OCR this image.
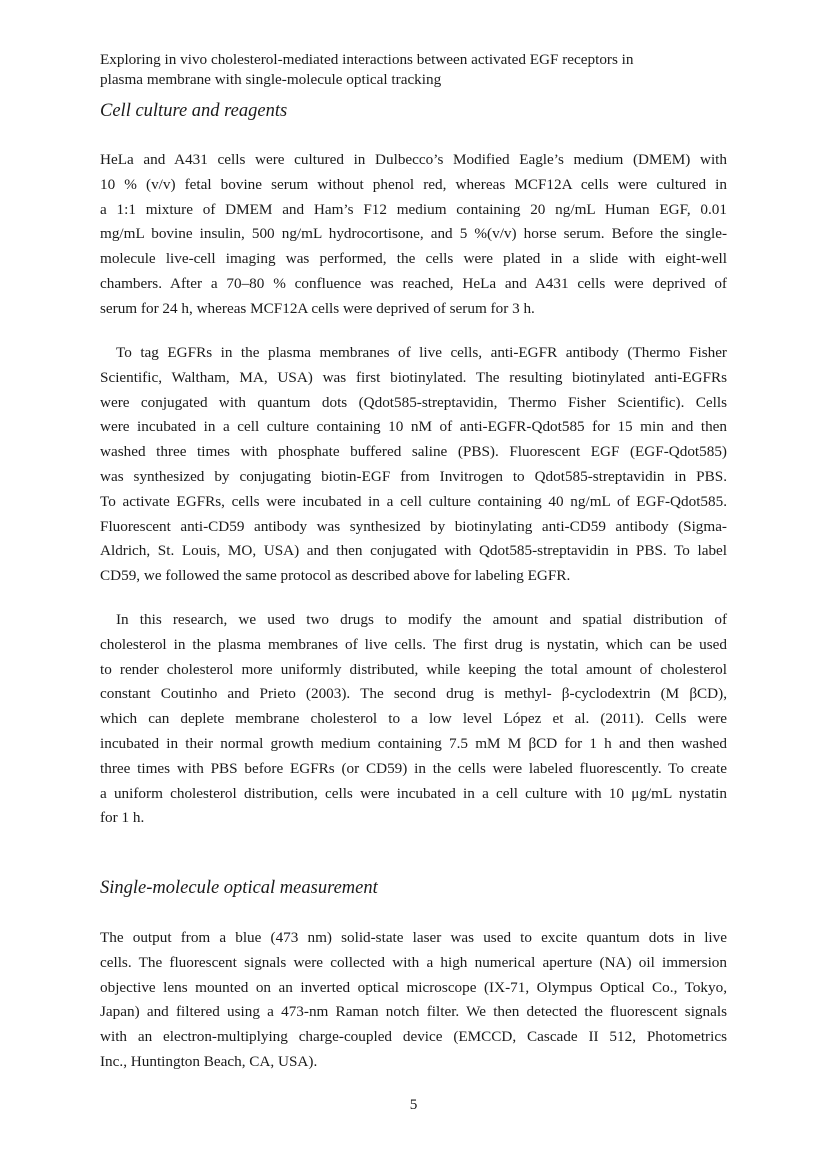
Exploring in vivo cholesterol-mediated interactions between activated EGF receptors in
plasma membrane with single-molecule optical tracking
Cell culture and reagents
HeLa and A431 cells were cultured in Dulbecco’s Modified Eagle’s medium (DMEM) with
10 % (v/v) fetal bovine serum without phenol red, whereas MCF12A cells were cultured in
a 1:1 mixture of DMEM and Ham’s F12 medium containing 20 ng/mL Human EGF, 0.01
mg/mL bovine insulin, 500 ng/mL hydrocortisone, and 5 %(v/v) horse serum. Before the single-
molecule live-cell imaging was performed, the cells were plated in a slide with eight-well
chambers. After a 70–80 % confluence was reached, HeLa and A431 cells were deprived of
serum for 24 h, whereas MCF12A cells were deprived of serum for 3 h.
To tag EGFRs in the plasma membranes of live cells, anti-EGFR antibody (Thermo Fisher
Scientific, Waltham, MA, USA) was first biotinylated. The resulting biotinylated anti-EGFRs
were conjugated with quantum dots (Qdot585-streptavidin, Thermo Fisher Scientific). Cells
were incubated in a cell culture containing 10 nM of anti-EGFR-Qdot585 for 15 min and then
washed three times with phosphate buffered saline (PBS). Fluorescent EGF (EGF-Qdot585)
was synthesized by conjugating biotin-EGF from Invitrogen to Qdot585-streptavidin in PBS.
To activate EGFRs, cells were incubated in a cell culture containing 40 ng/mL of EGF-Qdot585.
Fluorescent anti-CD59 antibody was synthesized by biotinylating anti-CD59 antibody (Sigma-
Aldrich, St. Louis, MO, USA) and then conjugated with Qdot585-streptavidin in PBS. To label
CD59, we followed the same protocol as described above for labeling EGFR.
In this research, we used two drugs to modify the amount and spatial distribution of
cholesterol in the plasma membranes of live cells. The first drug is nystatin, which can be used
to render cholesterol more uniformly distributed, while keeping the total amount of cholesterol
constant Coutinho and Prieto (2003). The second drug is methyl- β-cyclodextrin (M βCD),
which can deplete membrane cholesterol to a low level López et al. (2011). Cells were
incubated in their normal growth medium containing 7.5 mM M βCD for 1 h and then washed
three times with PBS before EGFRs (or CD59) in the cells were labeled fluorescently. To create
a uniform cholesterol distribution, cells were incubated in a cell culture with 10 μg/mL nystatin
for 1 h.
Single-molecule optical measurement
The output from a blue (473 nm) solid-state laser was used to excite quantum dots in live
cells. The fluorescent signals were collected with a high numerical aperture (NA) oil immersion
objective lens mounted on an inverted optical microscope (IX-71, Olympus Optical Co., Tokyo,
Japan) and filtered using a 473-nm Raman notch filter. We then detected the fluorescent signals
with an electron-multiplying charge-coupled device (EMCCD, Cascade II 512, Photometrics
Inc., Huntington Beach, CA, USA).
5
